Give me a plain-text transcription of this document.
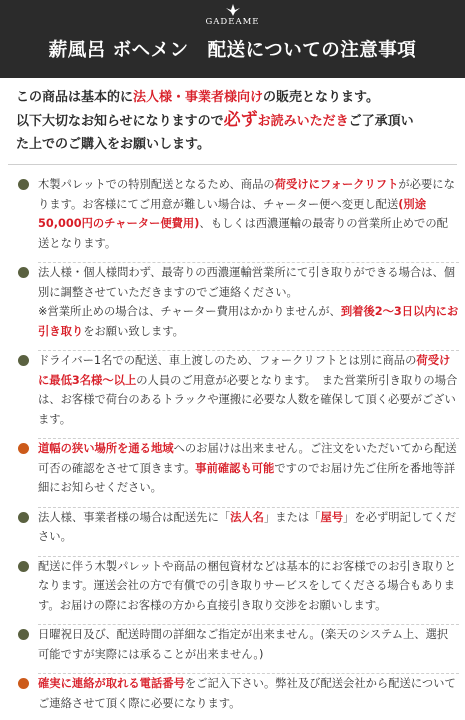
GADEAME
薪風呂 ボヘメン　配送についての注意事項
この商品は基本的に法人様・事業者様向けの販売となります。
以下大切なお知らせになりますので必ずお読みいただきご了承頂い
た上でのご購入をお願いします。
木製パレットでの特別配送となるため、商品の荷受けにフォークリフトが必要になります。お客様にてご用意が難しい場合は、チャーター便へ変更し配送(別途50,000円のチャーター便費用)、もしくは西濃運輸の最寄りの営業所止めでの配送となります。
法人様・個人様問わず、最寄りの西濃運輸営業所にて引き取りができる場合は、個別に調整させていただきますのでご連絡ください。
※営業所止めの場合は、チャーター費用はかかりませんが、到着後2〜3日以内にお引き取りをお願い致します。
ドライバー1名での配送、車上渡しのため、フォークリフトとは別に商品の荷受けに最低3名様〜以上の人員のご用意が必要となります。　また営業所引き取りの場合は、お客様で荷台のあるトラックや運搬に必要な人数を確保して頂く必要がございます。
道幅の狭い場所を通る地域へのお届けは出来ません。ご注文をいただいてから配送可否の確認をさせて頂きます。事前確認も可能ですのでお届け先ご住所を番地等詳細にお知らせください。
法人様、事業者様の場合は配送先に「法人名」または「屋号」を必ず明記してください。
配送に伴う木製パレットや商品の梱包資材などは基本的にお客様でのお引き取りとなります。運送会社の方で有償での引き取りサービスをしてくださる場合もあります。お届けの際にお客様の方から直接引き取り交渉をお願いします。
日曜祝日及び、配送時間の詳細なご指定が出来ません。(楽天のシステム上、選択可能ですが実際には承ることが出来ません。)
確実に連絡が取れる電話番号をご記入下さい。弊社及び配送会社から配送についてご連絡させて頂く際に必要になります。
